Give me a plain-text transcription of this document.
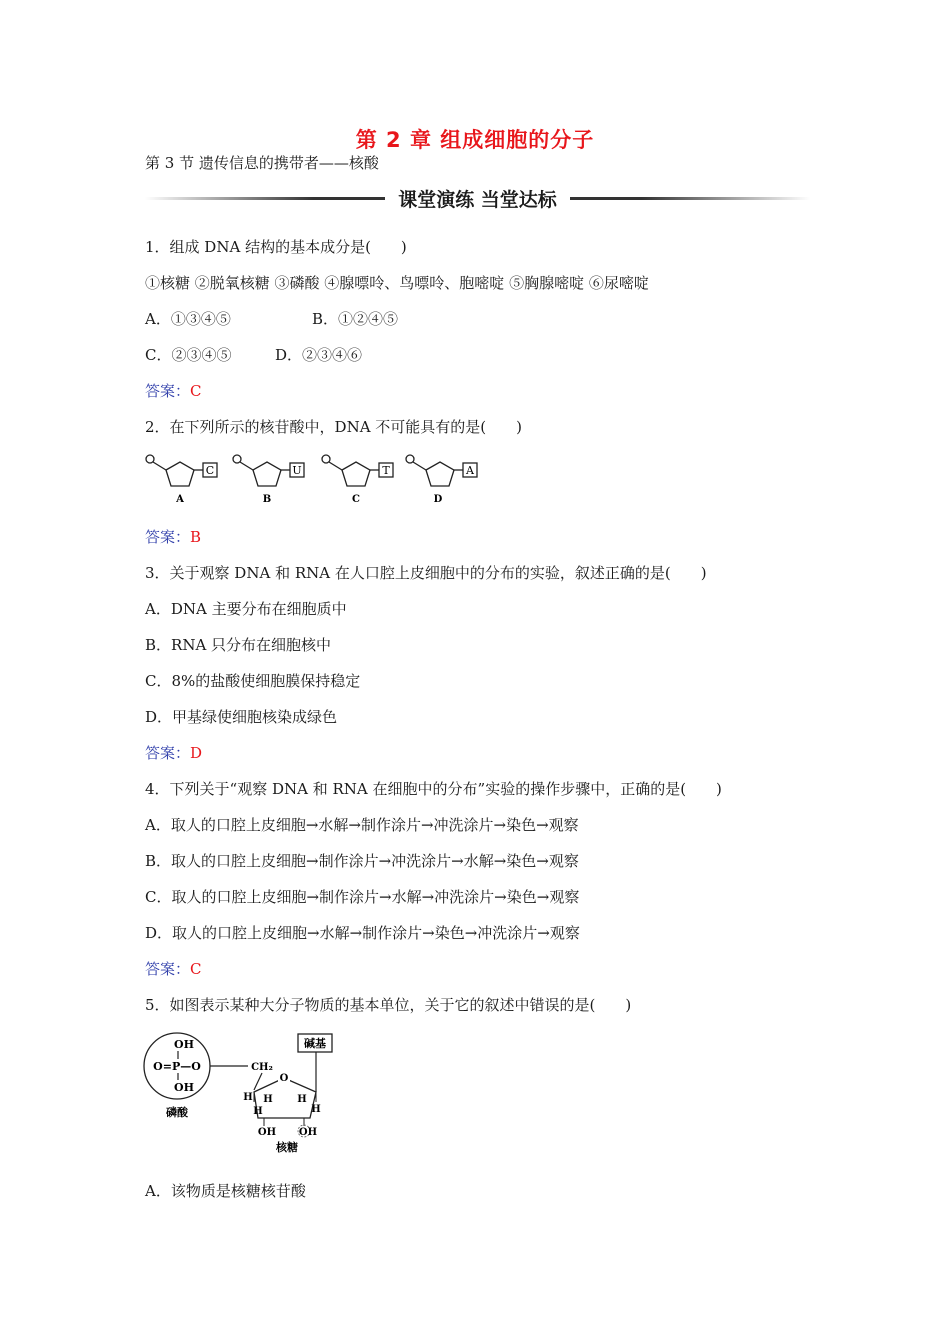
第 2 章 组成细胞的分子
第 3 节 遗传信息的携带者——核酸
课堂演练 当堂达标
1．组成 DNA 结构的基本成分是(　　)
①核糖 ②脱氧核糖 ③磷酸 ④腺嘌呤、鸟嘌呤、胞嘧啶 ⑤胸腺嘧啶 ⑥尿嘧啶
A．①③④⑤	B．①②④⑤
C．②③④⑤	D．②③④⑥
答案：C
2．在下列所示的核苷酸中，DNA 不可能具有的是(　　)
C
A
U
B
T
C
A
D
答案：B
3．关于观察 DNA 和 RNA 在人口腔上皮细胞中的分布的实验，叙述正确的是(　　)
A．DNA 主要分布在细胞质中
B．RNA 只分布在细胞核中
C．8%的盐酸使细胞膜保持稳定
D．甲基绿使细胞核染成绿色
答案：D
4．下列关于“观察 DNA 和 RNA 在细胞中的分布”实验的操作步骤中，正确的是(　　)
A．取人的口腔上皮细胞→水解→制作涂片→冲洗涂片→染色→观察
B．取人的口腔上皮细胞→制作涂片→冲洗涂片→水解→染色→观察
C．取人的口腔上皮细胞→制作涂片→水解→冲洗涂片→染色→观察
D．取人的口腔上皮细胞→水解→制作涂片→染色→冲洗涂片→观察
答案：C
5．如图表示某种大分子物质的基本单位，关于它的叙述中错误的是(　　)
OH
O=P—O
OH
磷酸
CH₂
O
碱基
H
H
H H
H
OH OH
核糖
A．该物质是核糖核苷酸
